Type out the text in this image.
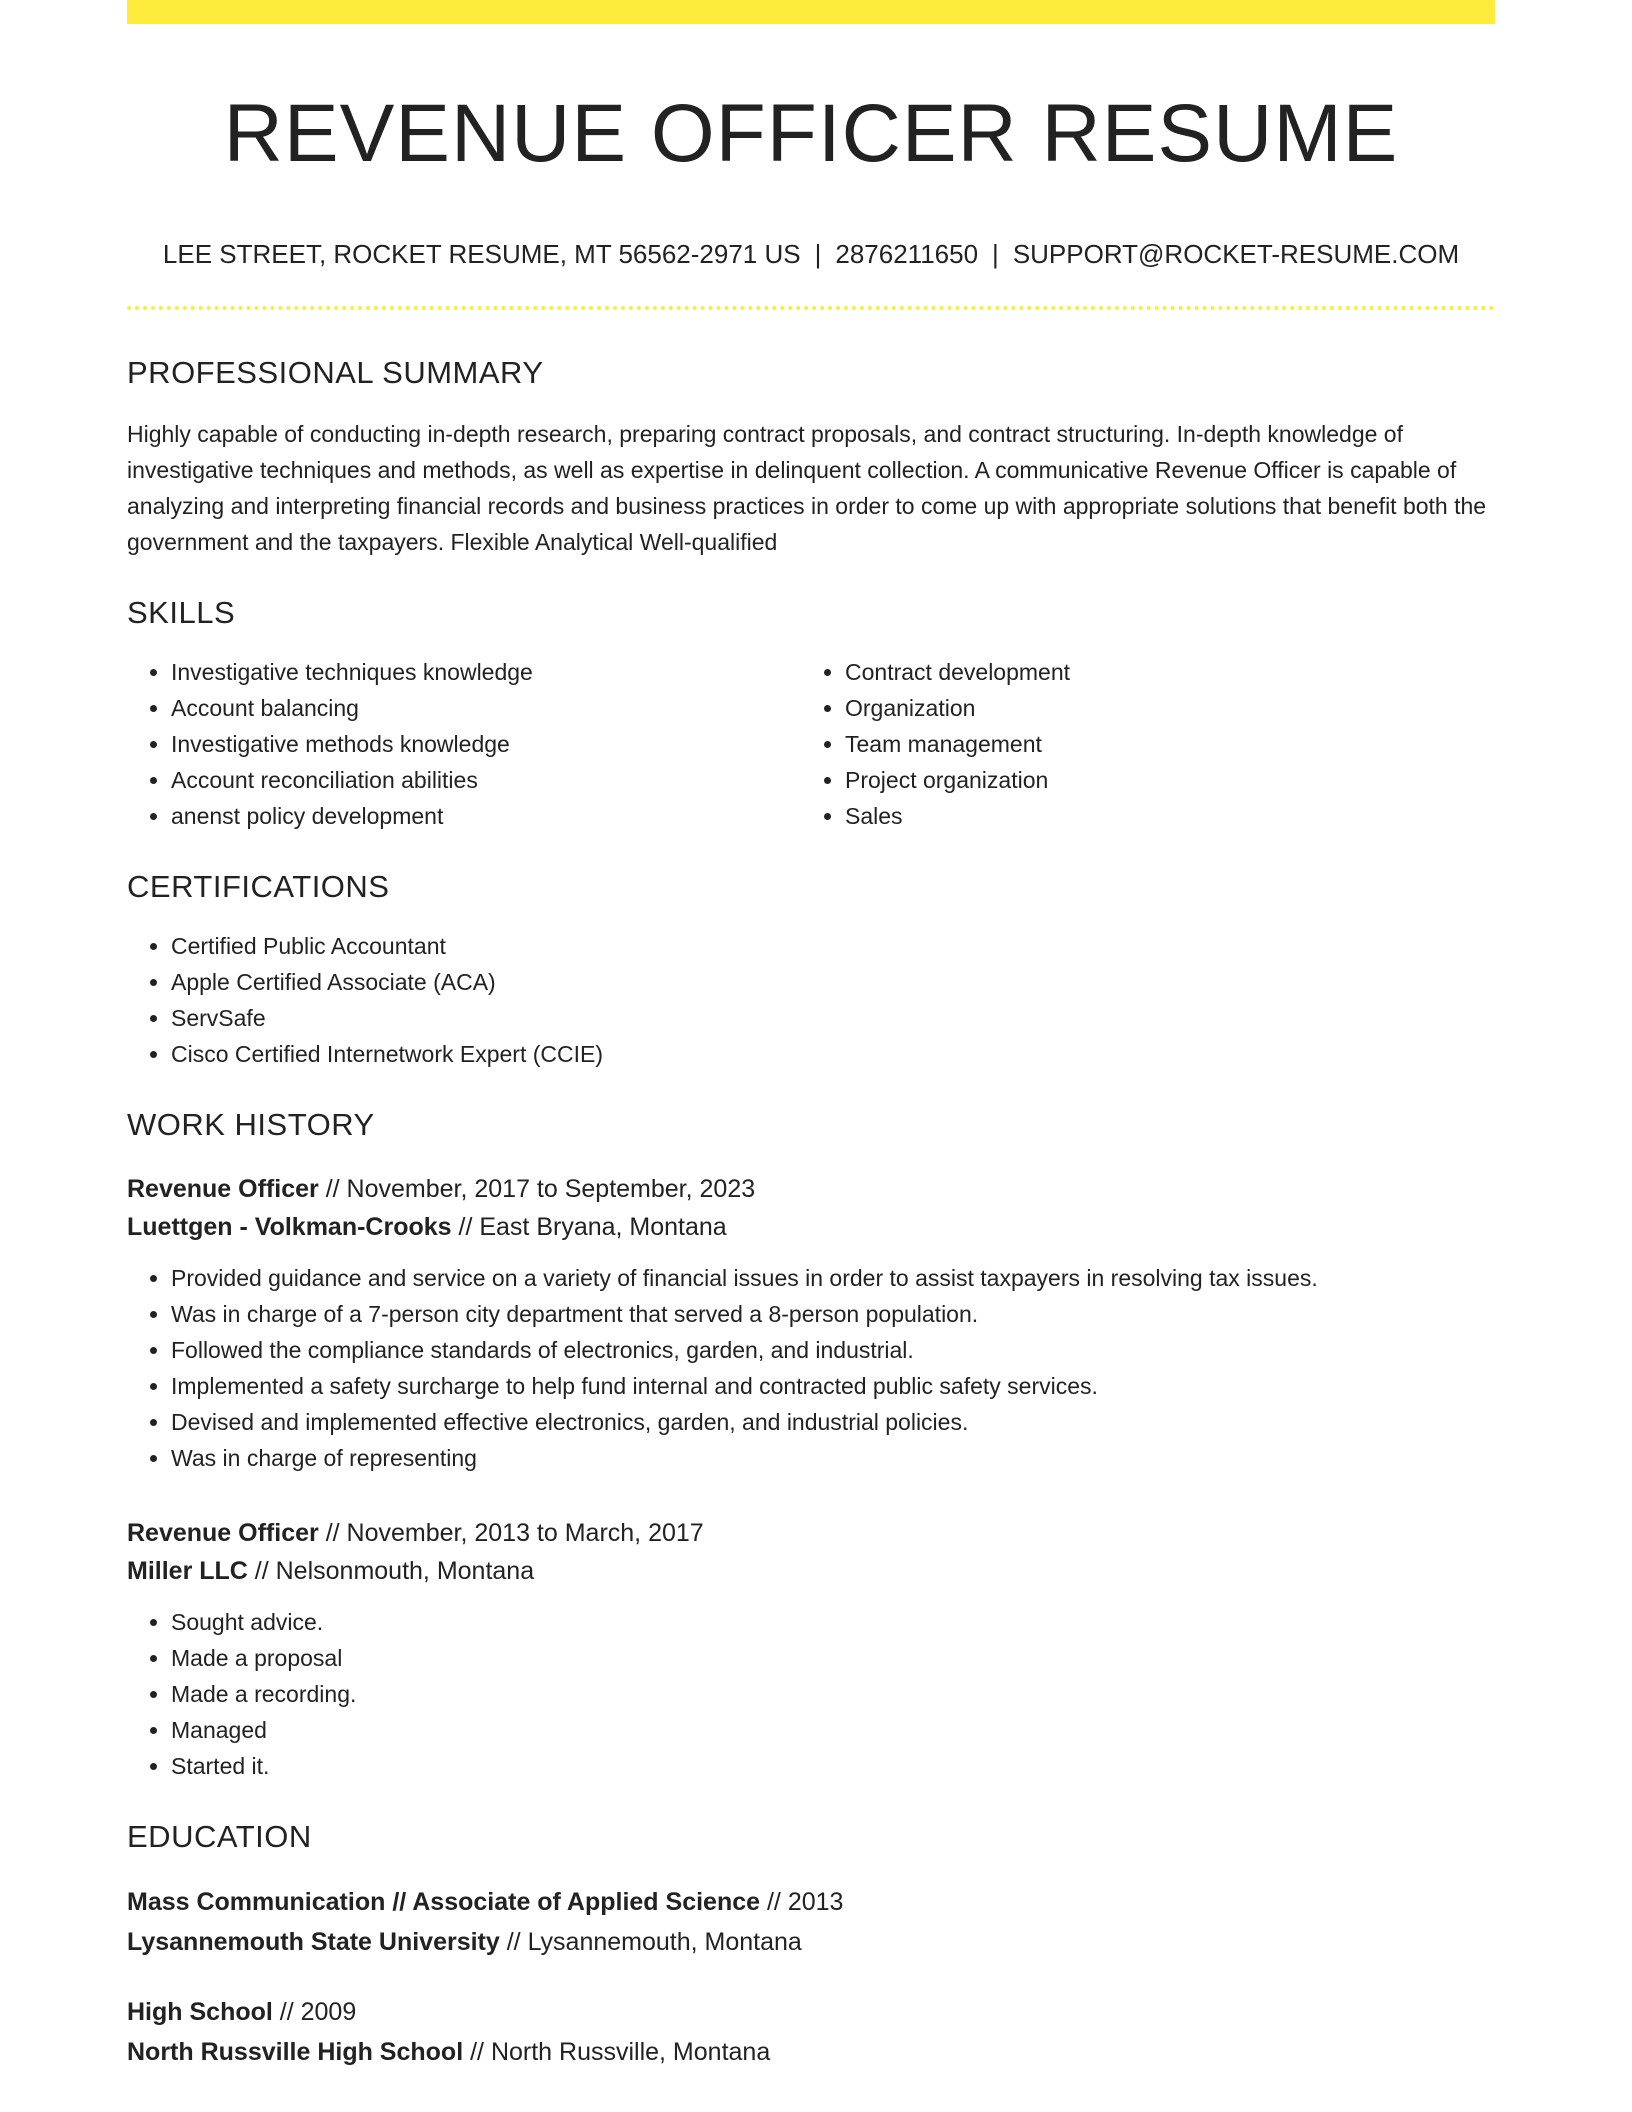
REVENUE OFFICER RESUME
LEE STREET, ROCKET RESUME, MT 56562-2971 US | 2876211650 | SUPPORT@ROCKET-RESUME.COM
PROFESSIONAL SUMMARY

Highly capable of conducting in-depth research, preparing contract proposals, and contract structuring. In-depth knowledge of investigative techniques and methods, as well as expertise in delinquent collection. A communicative Revenue Officer is capable of analyzing and interpreting financial records and business practices in order to come up with appropriate solutions that benefit both the government and the taxpayers. Flexible Analytical Well-qualified

SKILLS
• Investigative techniques knowledge
• Account balancing
• Investigative methods knowledge
• Account reconciliation abilities
• anenst policy development
• Contract development
• Organization
• Team management
• Project organization
• Sales
CERTIFICATIONS
• Certified Public Accountant
• Apple Certified Associate (ACA)
• ServSafe
• Cisco Certified Internetwork Expert (CCIE)
WORK HISTORY
Revenue Officer // November, 2017 to September, 2023
Luettgen - Volkman-Crooks // East Bryana, Montana
• Provided guidance and service on a variety of financial issues in order to assist taxpayers in resolving tax issues.
• Was in charge of a 7-person city department that served a 8-person population.
• Followed the compliance standards of electronics, garden, and industrial.
• Implemented a safety surcharge to help fund internal and contracted public safety services.
• Devised and implemented effective electronics, garden, and industrial policies.
• Was in charge of representing
Revenue Officer // November, 2013 to March, 2017
Miller LLC // Nelsonmouth, Montana
• Sought advice.
• Made a proposal
• Made a recording.
• Managed
• Started it.
EDUCATION
Mass Communication // Associate of Applied Science // 2013
Lysannemouth State University // Lysannemouth, Montana
High School // 2009
North Russville High School // North Russville, Montana
